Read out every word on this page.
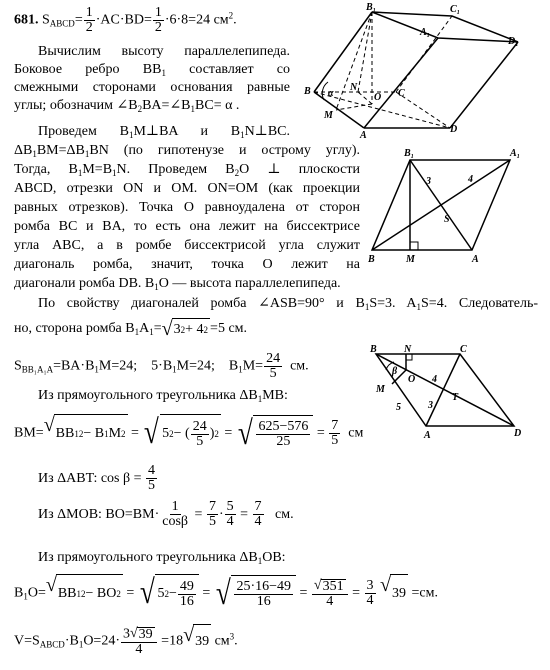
681. $S_{ABCD}= \frac{1}{2} \cdot AC\cdot BD= \frac{1}{2} \cdot 6\cdot 8=24$ $см^2$.
Вычислим высоту параллелепипеда.
Боковое ребро $BB_1$ составляет со
смежными сторонами основания равные
углы; обозначим $\angle B_2BA=\angle B_1BC= \alpha$ .
Проведем $B_1M\perp BA$ и $B_1N\perp BC$.
$\Delta B_1BM=\Delta B_1BN$ (по гипотенузе и острому углу).
Тогда, $B_1M=B_1N$. Проведем $B_2O$ ⊥ плоскости
ABCD, отрезки ON и OM. ON=OM (как проекции
равных отрезков). Точка O равноудалена от сторон
ромба BC и BA, то есть она лежит на биссектрисе
угла ABC, а в ромбе биссектрисой угла служит
диагональ ромба, значит, точка O лежит на
диагонали ромба DB. $B_1O$ — высота параллелепипеда.
По свойству диагоналей ромба ∠ASB=90° и $B_1S=3$. $A_1S=4$. Следователь-
но, сторона ромба $B_1A_1=$ √ 3 2 + 4 2 =5 см.
$S_{BB_1A_1A}=BA\cdot B_1M=24$; $5\cdot B_1M=24$; $B_1M= \frac{24}{5}$ см.
Из прямоугольного треугольника $\Delta B_1MB$:
BM= √ BB 1 2 − B 1 M 2 = √ 5 2 − ( 24
5 ) 2 = √ 625−576
25
= $\frac{7}{5}$ см
Из ΔABT: $\cos \beta = \frac{4}{5}$
Из ΔMOB: $BO=BM\cdot \frac{1}{\cos\beta} = \frac{7}{5} \cdot \frac{5}{4} = \frac{7}{4}$ см.
Из прямоугольного треугольника $\Delta B_1OB$:
$B_1O=$ √ BB 1 2 − BO 2 = √ 5 $2 - \frac{49}{16}$ = √ 25·16−49
16
= $\frac{√ 351}{4} = \frac{3}{4}$
√ 39 =см.
$V=S_{ABCD}\cdot B_1O=24\cdot \frac{3 √ 39}{4} =18$ √ 39 $см^3$.
B₁	C₁
A₁
D₁
B	C
A
D
M
N
O
α
B₁	A₁
B	M	A
S
3	4
B	N	C
M
O
T
A	D
β
5
4
3
